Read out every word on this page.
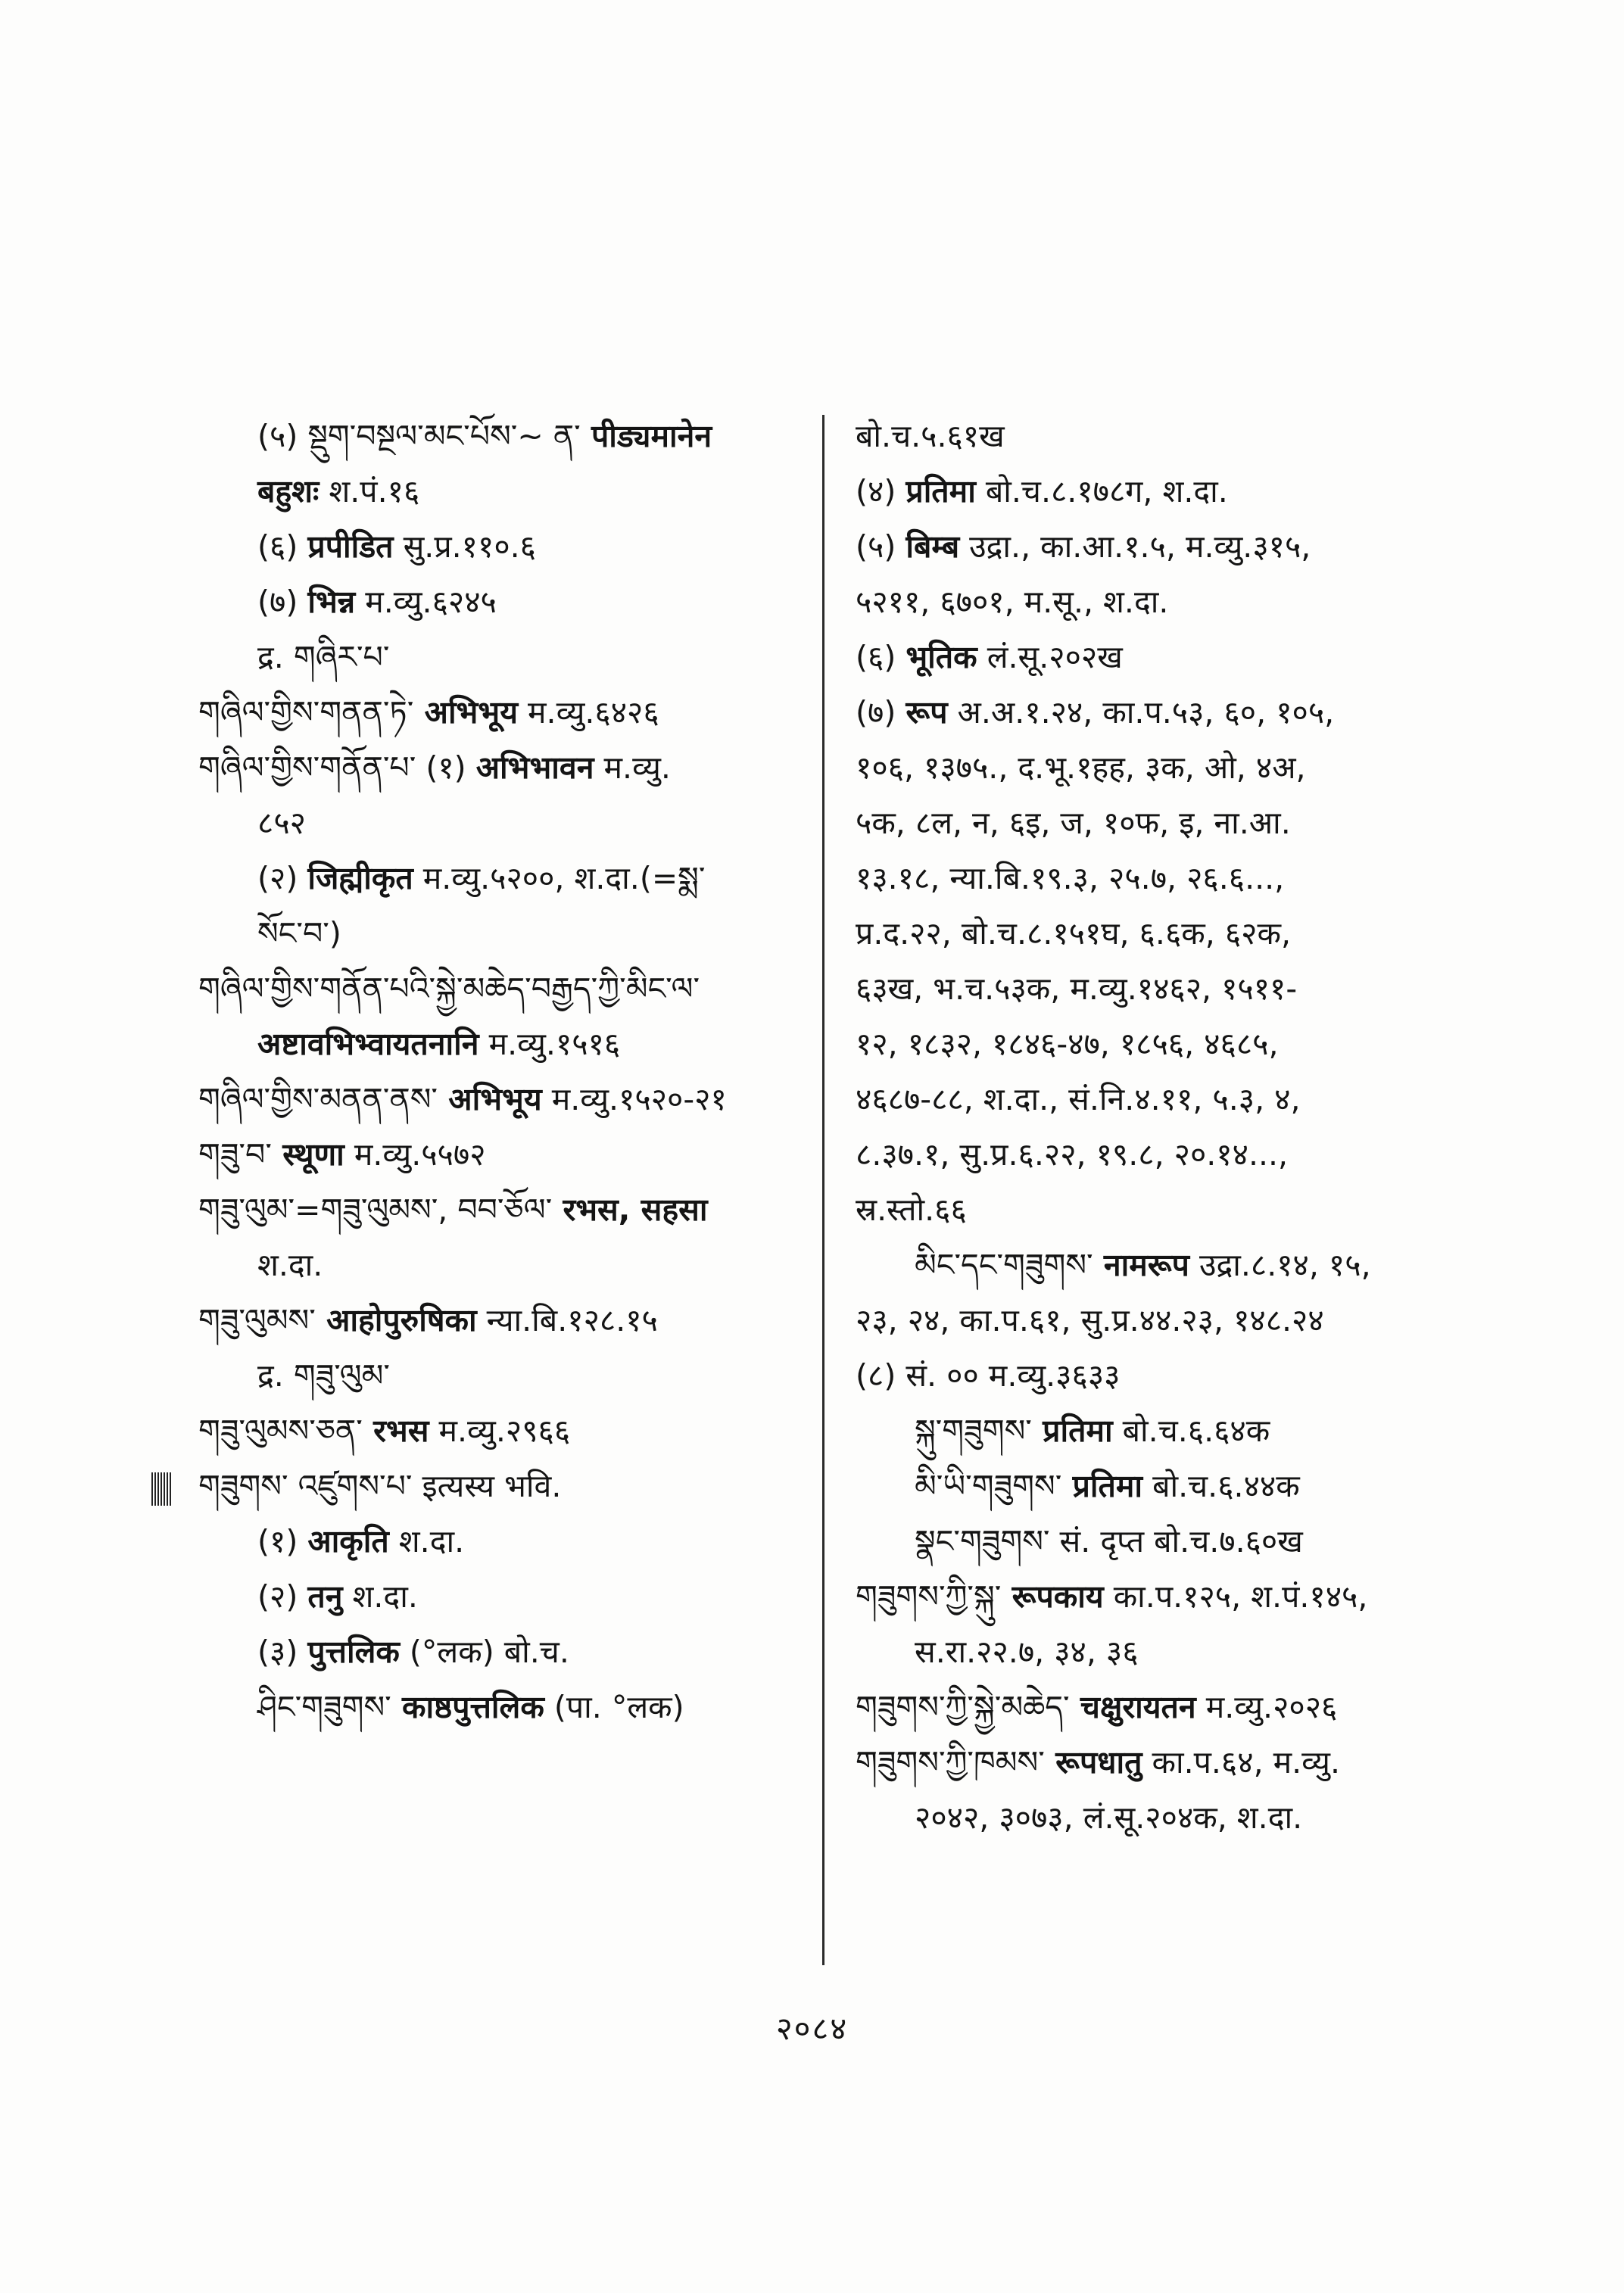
(५) སྡུག་བསྔལ་མང་པོས་~ ན་ पीड्यमानेन
बहुशः श.पं.१६
(६) प्रपीडित सु.प्र.११०.६
(७) भिन्न म.व्यु.६२४५
द्र. གཞིར་པ་
གཞིལ་གྱིས་གནན་ཏེ་ अभिभूय म.व्यु.६४२६
གཞིལ་གྱིས་གནོན་པ་ (१) अभिभावन म.व्यु.
८५२
(२) जिह्मीकृत म.व्यु.५२००, श.दा.(=སྨ་
སོང་བ་)
གཞིལ་གྱིས་གནོན་པའི་སྐྱེ་མཆེད་བརྒྱད་ཀྱི་མིང་ལ་
अष्टावभिभ्वायतनानि म.व्यु.१५१६
གཞིལ་གྱིས་མནན་ནས་ अभिभूय म.व्यु.१५२०-२१
གཟུ་བ་ स्थूणा म.व्यु.५५७२
གཟུ་ལུམ་=གཟུ་ལུམས་, བབ་ཅོལ་ रभस, सहसा
श.दा.
གཟུ་ལུམས་ आहोपुरुषिका न्या.बि.१२८.१५
द्र. གཟུ་ལུམ་
གཟུ་ལུམས་ཅན་ रभस म.व्यु.२९६६
གཟུགས་ འཛུགས་པ་ इत्यस्य भवि.
(१) आकृति श.दा.
(२) तनु श.दा.
(३) पुत्तलिक (°लक) बो.च.
ཤིང་གཟུགས་ काष्ठपुत्तलिक (पा. °लक)
बो.च.५.६१ख
(४) प्रतिमा बो.च.८.१७८ग, श.दा.
(५) बिम्ब उद्रा., का.आ.१.५, म.व्यु.३१५,
५२११, ६७०१, म.सू., श.दा.
(६) भूतिक लं.सू.२०२ख
(७) रूप अ.अ.१.२४, का.प.५३, ६०, १०५,
१०६, १३७५., द.भू.१हह, ३क, ओ, ४अ,
५क, ८ल, न, ६इ, ज, १०फ, इ, ना.आ.
१३.१८, न्या.बि.१९.३, २५.७, २६.६...,
प्र.द.२२, बो.च.८.१५१घ, ६.६क, ६२क,
६३ख, भ.च.५३क, म.व्यु.१४६२, १५११-
१२, १८३२, १८४६-४७, १८५६, ४६८५,
४६८७-८८, श.दा., सं.नि.४.११, ५.३, ४,
८.३७.१, सु.प्र.६.२२, १९.८, २०.१४...,
स्र.स्तो.६६
མིང་དང་གཟུགས་ नामरूप उद्रा.८.१४, १५,
२३, २४, का.प.६१, सु.प्र.४४.२३, १४८.२४
(८) सं. ०० म.व्यु.३६३३
སྐུ་གཟུགས་ प्रतिमा बो.च.६.६४क
མི་ཡི་གཟུགས་ प्रतिमा बो.च.६.४४क
སྣང་གཟུགས་ सं. दृप्त बो.च.७.६०ख
གཟུགས་ཀྱི་སྐུ་ रूपकाय का.प.१२५, श.पं.१४५,
स.रा.२२.७, ३४, ३६
གཟུགས་ཀྱི་སྐྱེ་མཆེད་ चक्षुरायतन म.व्यु.२०२६
གཟུགས་ཀྱི་ཁམས་ रूपधातु का.प.६४, म.व्यु.
२०४२, ३०७३, लं.सू.२०४क, श.दा.
२०८४
